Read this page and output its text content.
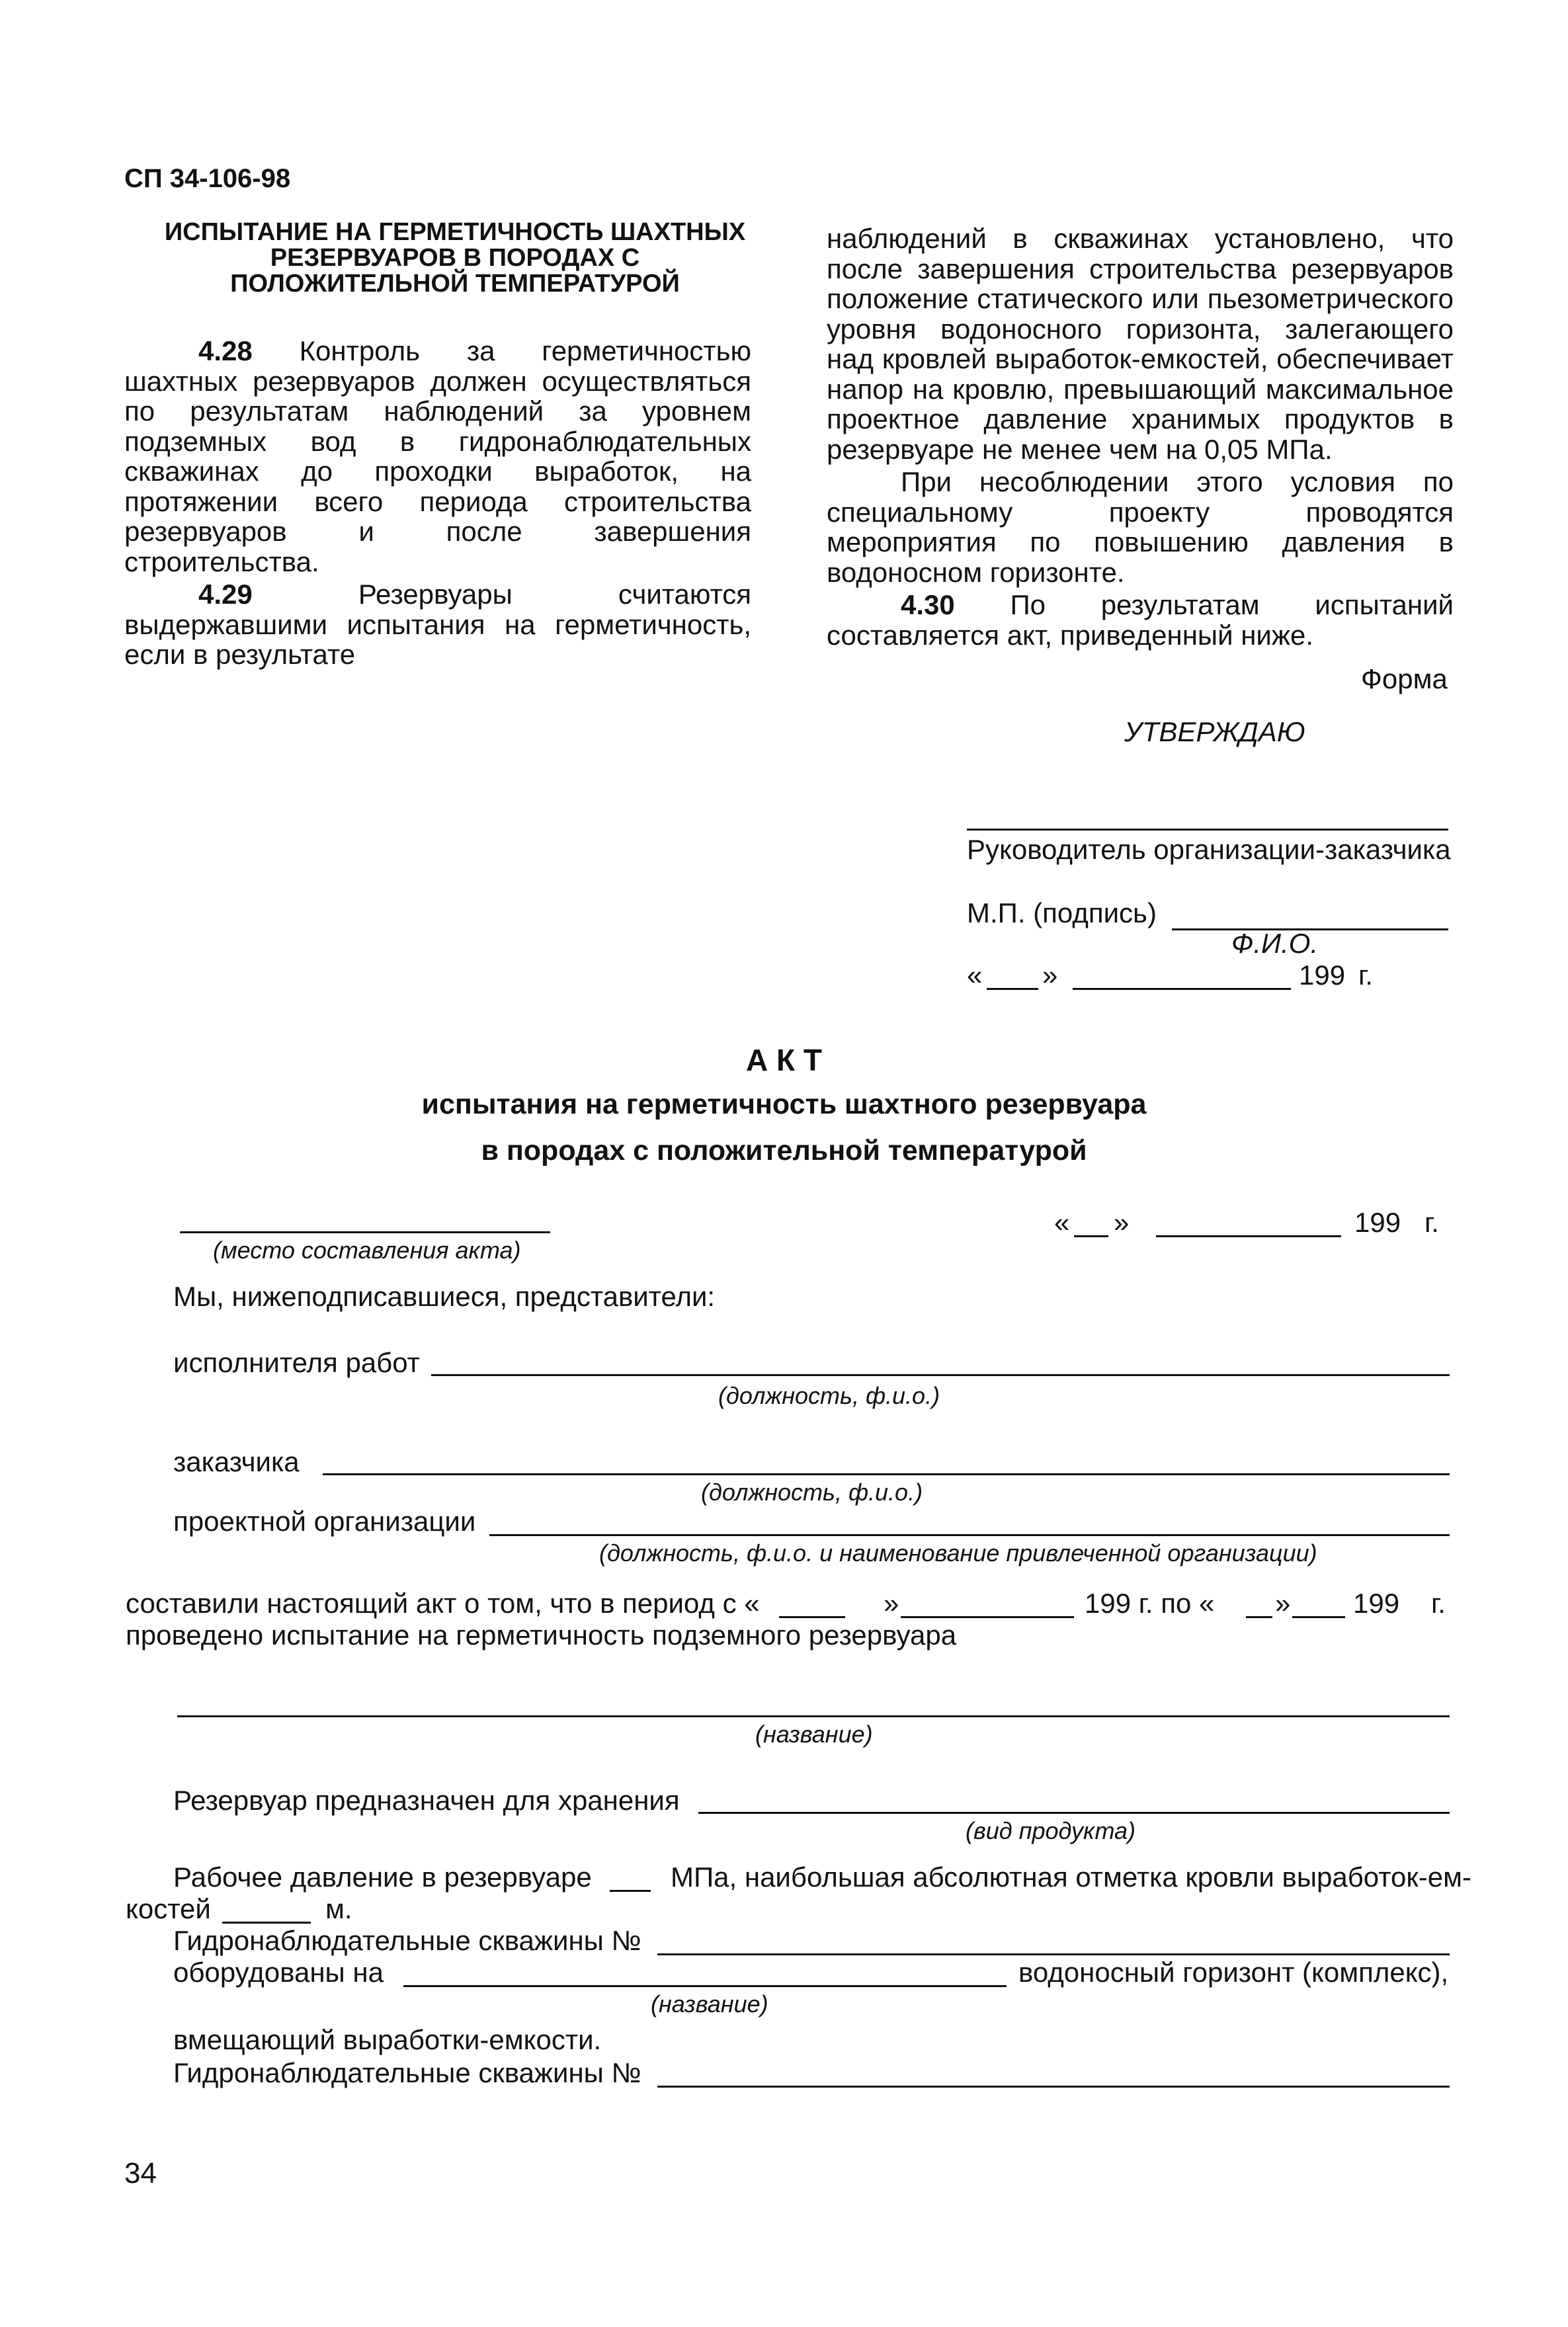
СП 34-106-98
ИСПЫТАНИЕ НА ГЕРМЕТИЧНОСТЬ ШАХТНЫХ РЕЗЕРВУАРОВ В ПОРОДАХ С ПОЛОЖИТЕЛЬНОЙ ТЕМПЕРАТУРОЙ

4.28 Контроль за герметичностью шахтных резервуаров должен осуществляться по результатам наблюдений за уровнем подземных вод в гидронаблюдательных скважинах до проходки выработок, на протяжении всего периода строительства резервуаров и после завершения строительства.

4.29	Резервуары считаются выдержавшими испытания на герметичность, если в результате

наблюдений в скважинах установлено, что после завершения строительства резервуаров положение статического или пьезометрического уровня водоносного горизонта, залегающего над кровлей выработок-емкостей, обеспечивает напор на кровлю, превышающий максимальное проектное давление хранимых продуктов в резервуаре не менее чем на 0,05 МПа.

При несоблюдении этого условия по специальному проекту проводятся мероприятия по повышению давления в водоносном горизонте.

4.30 По результатам испытаний составляется акт, приведенный ниже.

Форма
УТВЕРЖДАЮ
Руководитель организации-заказчика
М.П. (подпись)
Ф.И.О.
« »	199 г.
А К Т
испытания на герметичность шахтного резервуара
в породах с положительной температурой
(место составления акта)
« »	199 г.
Мы, нижеподписавшиеся, представители:
исполнителя работ
(должность, ф.и.о.)
заказчика
(должность, ф.и.о.)
проектной организации
(должность, ф.и.о. и наименование привлеченной организации)
составили настоящий акт о том, что в период с «	»	199 г. по « » 199 г.
проведено испытание на герметичность подземного резервуара
(название)
Резервуар предназначен для хранения
(вид продукта)
Рабочее давление в резервуаре	МПа, наибольшая абсолютная отметка кровли выработок-ем-
костей	м.
Гидронаблюдательные скважины №
оборудованы на	водоносный горизонт (комплекс),
(название)
вмещающий выработки-емкости.
Гидронаблюдательные скважины №
34
